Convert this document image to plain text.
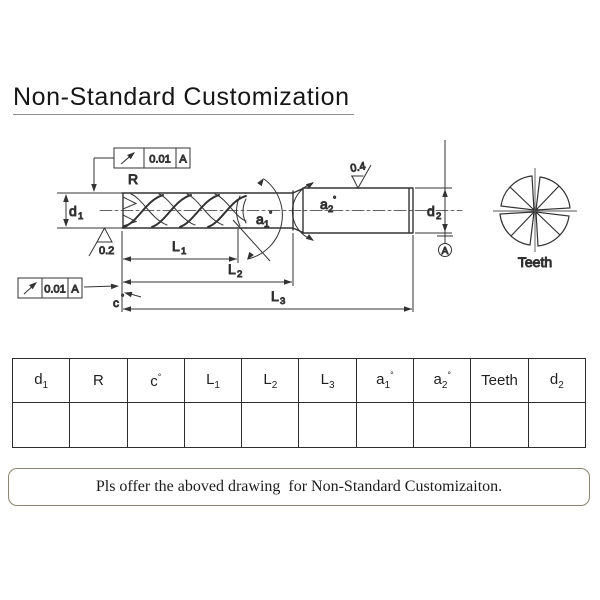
Non-Standard Customization
a 1
°
a 2
°
d 1
L 1
L 2
L 3
d 2
A
c °
0.01 A
0.01 A
0.4
0.2
R
Teeth
$d_1$	R	c°	$L_1$	$L_2$	$L_3$	$a_1^\circ$	$a_2^\circ$	Teeth	$d_2$

Pls offer the aboved drawing  for Non-Standard Customizaiton.
